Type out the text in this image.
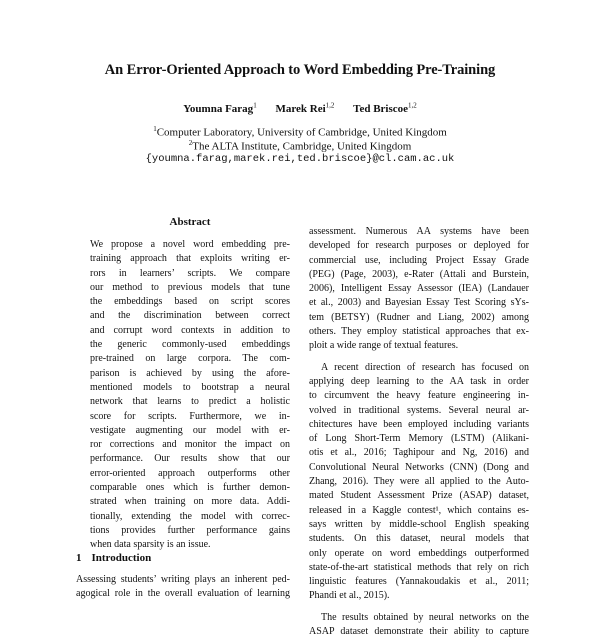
An Error-Oriented Approach to Word Embedding Pre-Training
Youmna Farag$^1$ Marek Rei$^{1,2}$ Ted Briscoe$^{1,2}$
$^1$Computer Laboratory, University of Cambridge, United Kingdom
$^2$The ALTA Institute, Cambridge, United Kingdom
{youmna.farag,marek.rei,ted.briscoe}@cl.cam.ac.uk
Abstract
We propose a novel word embedding pre-
training approach that exploits writing er-
rors in learners’ scripts. We compare
our method to previous models that tune
the embeddings based on script scores
and the discrimination between correct
and corrupt word contexts in addition to
the generic commonly-used embeddings
pre-trained on large corpora. The com-
parison is achieved by using the afore-
mentioned models to bootstrap a neural
network that learns to predict a holistic
score for scripts. Furthermore, we in-
vestigate augmenting our model with er-
ror corrections and monitor the impact on
performance. Our results show that our
error-oriented approach outperforms other
comparable ones which is further demon-
strated when training on more data. Addi-
tionally, extending the model with correc-
tions provides further performance gains
when data sparsity is an issue.
1 Introduction
Assessing students’ writing plays an inherent ped-
agogical role in the overall evaluation of learning
assessment. Numerous AA systems have been
developed for research purposes or deployed for
commercial use, including Project Essay Grade
(PEG) (Page, 2003), e-Rater (Attali and Burstein,
2006), Intelligent Essay Assessor (IEA) (Landauer
et al., 2003) and Bayesian Essay Test Scoring sYs-
tem (BETSY) (Rudner and Liang, 2002) among
others. They employ statistical approaches that ex-
ploit a wide range of textual features.
A recent direction of research has focused on
applying deep learning to the AA task in order
to circumvent the heavy feature engineering in-
volved in traditional systems. Several neural ar-
chitectures have been employed including variants
of Long Short-Term Memory (LSTM) (Alikani-
otis et al., 2016; Taghipour and Ng, 2016) and
Convolutional Neural Networks (CNN) (Dong and
Zhang, 2016). They were all applied to the Auto-
mated Student Assessment Prize (ASAP) dataset,
released in a Kaggle contest¹, which contains es-
says written by middle-school English speaking
students. On this dataset, neural models that
only operate on word embeddings outperformed
state-of-the-art statistical methods that rely on rich
linguistic features (Yannakoudakis et al., 2011;
Phandi et al., 2015).
The results obtained by neural networks on the
ASAP dataset demonstrate their ability to capture
